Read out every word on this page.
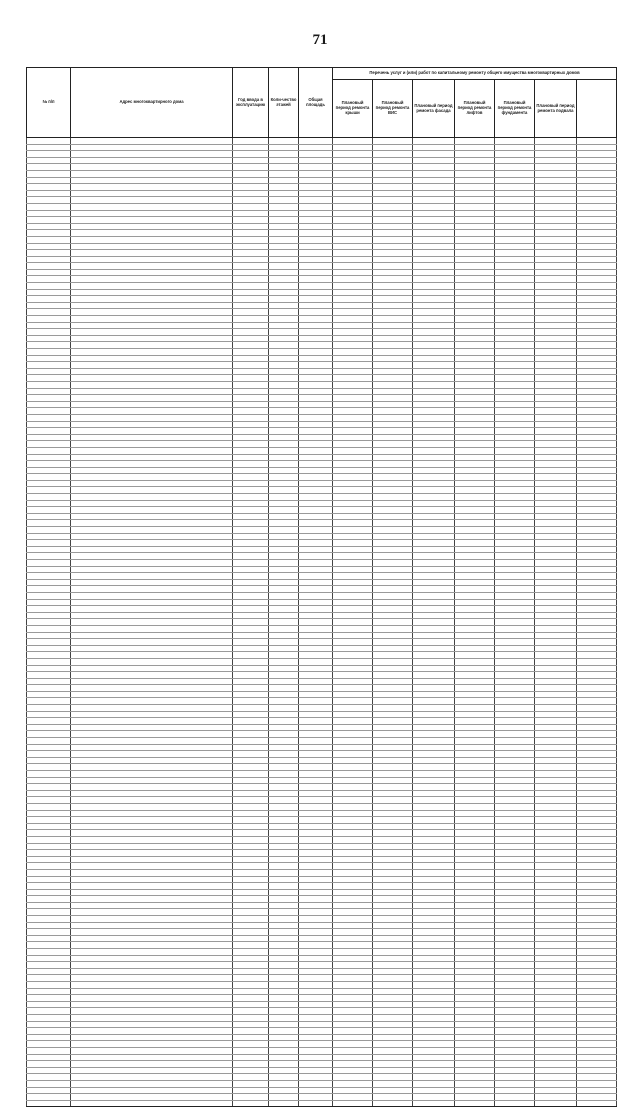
71
№ п/п	Адрес многоквартирного дома	Год ввода в эксплуатацию	Коли-чество этажей	Общая площадь	Перечень услуг и (или) работ по капитальному ремонту общего имущества многоквартирных домов						
					Плановый период ремонта крыши	Плановый период ремонта ВИС	Плановый период ремонта фасада	Плановый период ремонта лифтов	Плановый период ремонта фундамента	Плановый период ремонта подвала	
